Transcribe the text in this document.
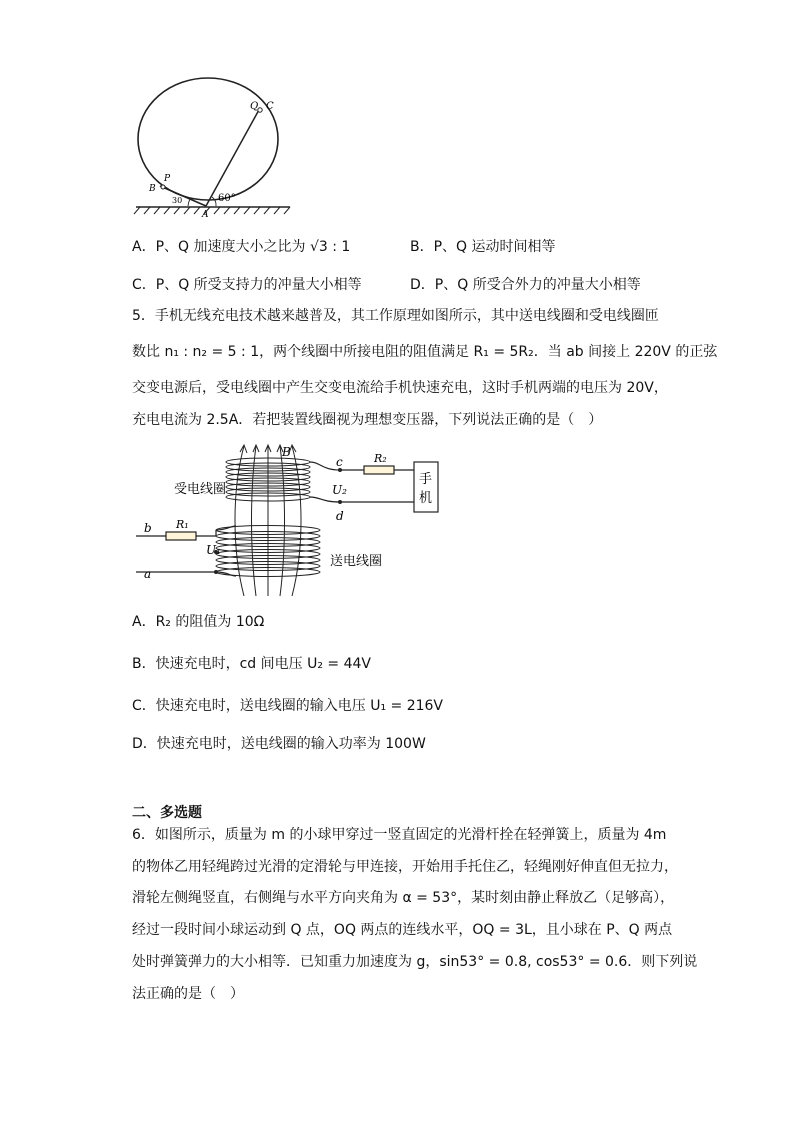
Q C
P
B
A
60°
30
A．P、Q 加速度大小之比为 √3 : 1	B．P、Q 运动时间相等
C．P、Q 所受支持力的冲量大小相等	D．P、Q 所受合外力的冲量大小相等
5．手机无线充电技术越来越普及，其工作原理如图所示，其中送电线圈和受电线圈匝
数比 n₁ : n₂ = 5 : 1，两个线圈中所接电阻的阻值满足 R₁ = 5R₂．当 ab 间接上 220V 的正弦
交变电源后，受电线圈中产生交变电流给手机快速充电，这时手机两端的电压为 20V，
充电电流为 2.5A．若把装置线圈视为理想变压器，下列说法正确的是（　）
B
c
d
R₂
U₂
手
机
受电线圈
b R₁
U₁
a
送电线圈
A．R₂ 的阻值为 10Ω
B．快速充电时，cd 间电压 U₂ = 44V
C．快速充电时，送电线圈的输入电压 U₁ = 216V
D．快速充电时，送电线圈的输入功率为 100W
二、多选题
6．如图所示，质量为 m 的小球甲穿过一竖直固定的光滑杆拴在轻弹簧上，质量为 4m
的物体乙用轻绳跨过光滑的定滑轮与甲连接，开始用手托住乙，轻绳刚好伸直但无拉力，
滑轮左侧绳竖直，右侧绳与水平方向夹角为 α = 53°，某时刻由静止释放乙（足够高），
经过一段时间小球运动到 Q 点，OQ 两点的连线水平，OQ = 3L，且小球在 P、Q 两点
处时弹簧弹力的大小相等．已知重力加速度为 g，sin53° = 0.8, cos53° = 0.6．则下列说
法正确的是（　）
